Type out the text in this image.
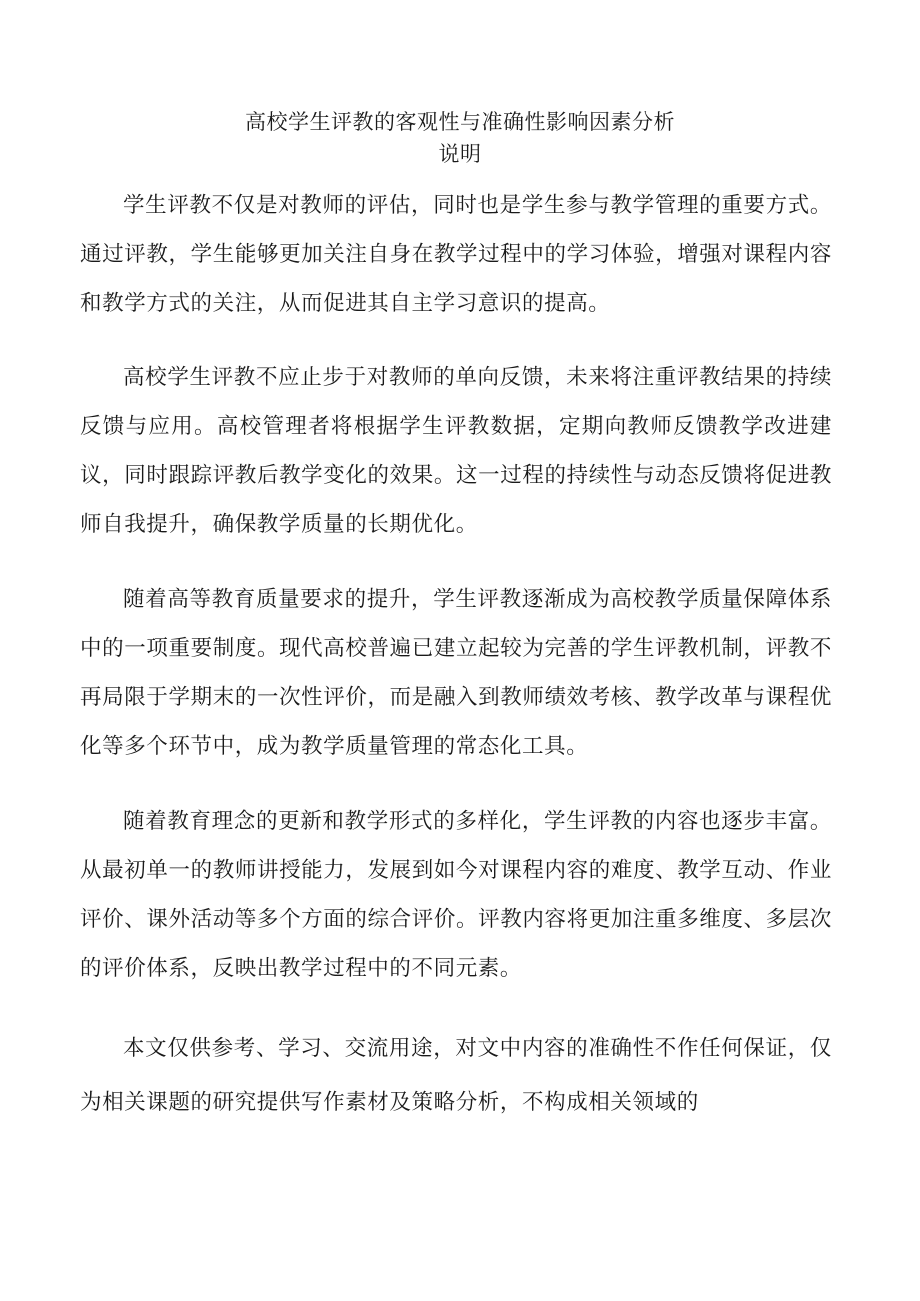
高校学生评教的客观性与准确性影响因素分析
说明

学生评教不仅是对教师的评估，同时也是学生参与教学管理的重要方式。通过评教，学生能够更加关注自身在教学过程中的学习体验，增强对课程内容和教学方式的关注，从而促进其自主学习意识的提高。

高校学生评教不应止步于对教师的单向反馈，未来将注重评教结果的持续反馈与应用。高校管理者将根据学生评教数据，定期向教师反馈教学改进建议，同时跟踪评教后教学变化的效果。这一过程的持续性与动态反馈将促进教师自我提升，确保教学质量的长期优化。

随着高等教育质量要求的提升，学生评教逐渐成为高校教学质量保障体系中的一项重要制度。现代高校普遍已建立起较为完善的学生评教机制，评教不再局限于学期末的一次性评价，而是融入到教师绩效考核、教学改革与课程优化等多个环节中，成为教学质量管理的常态化工具。

随着教育理念的更新和教学形式的多样化，学生评教的内容也逐步丰富。从最初单一的教师讲授能力，发展到如今对课程内容的难度、教学互动、作业评价、课外活动等多个方面的综合评价。评教内容将更加注重多维度、多层次的评价体系，反映出教学过程中的不同元素。

本文仅供参考、学习、交流用途，对文中内容的准确性不作任何保证，仅为相关课题的研究提供写作素材及策略分析，不构成相关领域的
